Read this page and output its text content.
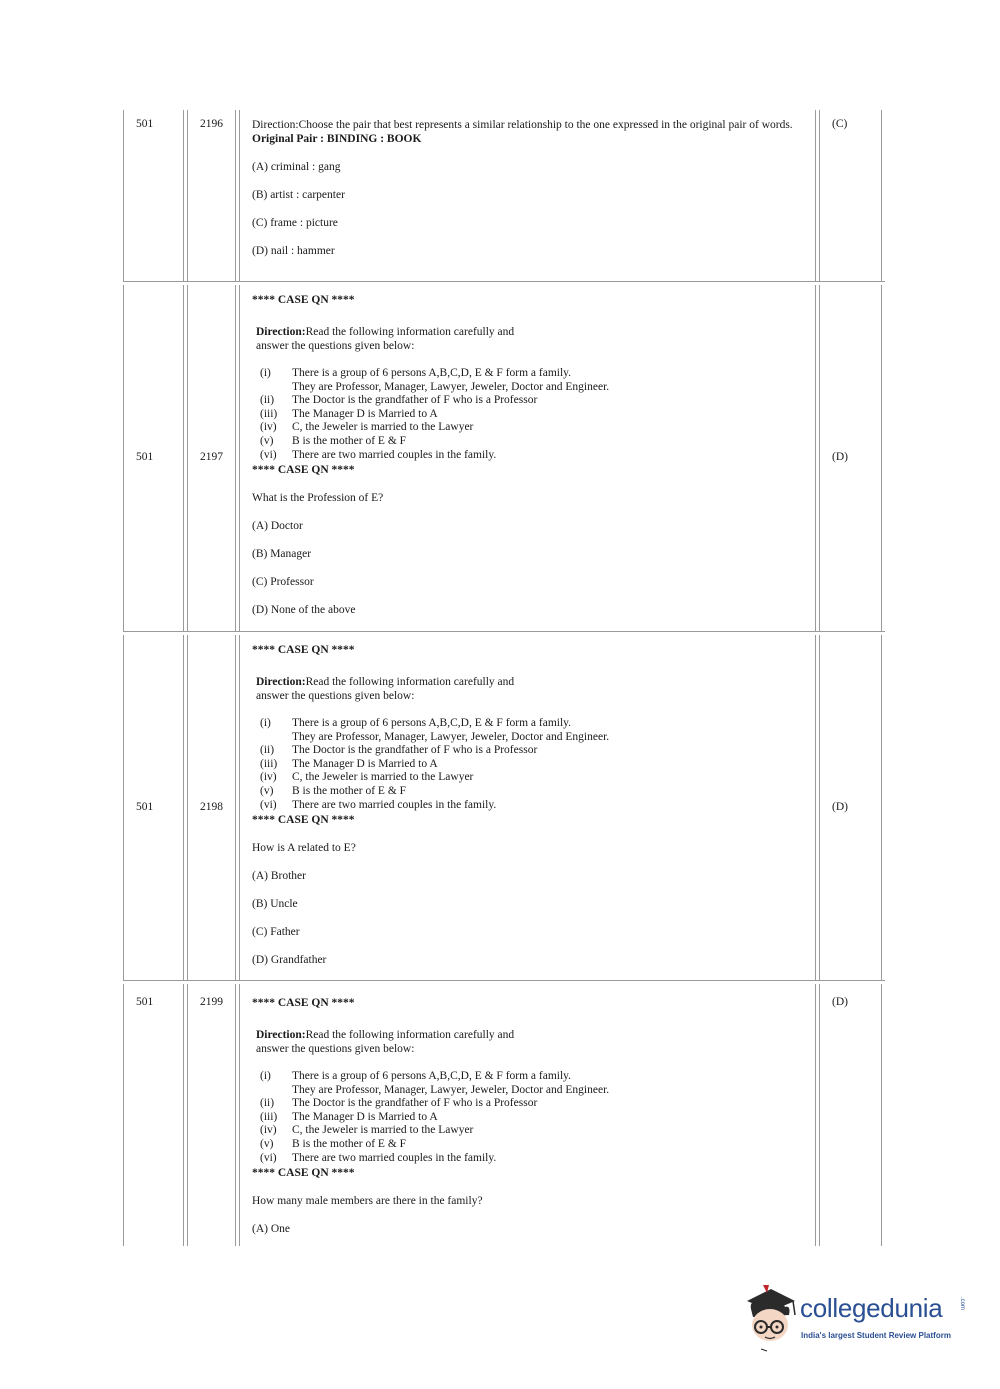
501	2196	Direction:Choose the pair that best represents a similar relationship to the one expressed in the original pair of words.

Original Pair : BINDING : BOOK

(A) criminal : gang

(B) artist : carpenter

(C) frame : picture

(D) nail : hammer

(C)
501	2197

**** CASE QN ****

Direction:Read the following information carefully and
answer the questions given below:

(i)	There is a group of 6 persons A,B,C,D, E & F form a family.
They are Professor, Manager, Lawyer, Jeweler, Doctor and Engineer.
(ii)	The Doctor is the grandfather of F who is a Professor
(iii)	The Manager D is Married to A
(iv)	C, the Jeweler is married to the Lawyer
(v)	B is the mother of E & F
(vi)	There are two married couples in the family.

**** CASE QN ****

What is the Profession of E?

(A) Doctor

(B) Manager

(C) Professor

(D) None of the above

(D)
501	2198

**** CASE QN ****

Direction:Read the following information carefully and
answer the questions given below:

(i)	There is a group of 6 persons A,B,C,D, E & F form a family.
They are Professor, Manager, Lawyer, Jeweler, Doctor and Engineer.
(ii)	The Doctor is the grandfather of F who is a Professor
(iii)	The Manager D is Married to A
(iv)	C, the Jeweler is married to the Lawyer
(v)	B is the mother of E & F
(vi)	There are two married couples in the family.

**** CASE QN ****

How is A related to E?

(A) Brother

(B) Uncle

(C) Father

(D) Grandfather

(D)
501	2199	**** CASE QN ****

Direction:Read the following information carefully and
answer the questions given below:

(i)	There is a group of 6 persons A,B,C,D, E & F form a family.
They are Professor, Manager, Lawyer, Jeweler, Doctor and Engineer.
(ii)	The Doctor is the grandfather of F who is a Professor
(iii)	The Manager D is Married to A
(iv)	C, the Jeweler is married to the Lawyer
(v)	B is the mother of E & F
(vi)	There are two married couples in the family.

**** CASE QN ****

How many male members are there in the family?

(A) One

(D)
collegedunia	.com
India's largest Student Review Platform
